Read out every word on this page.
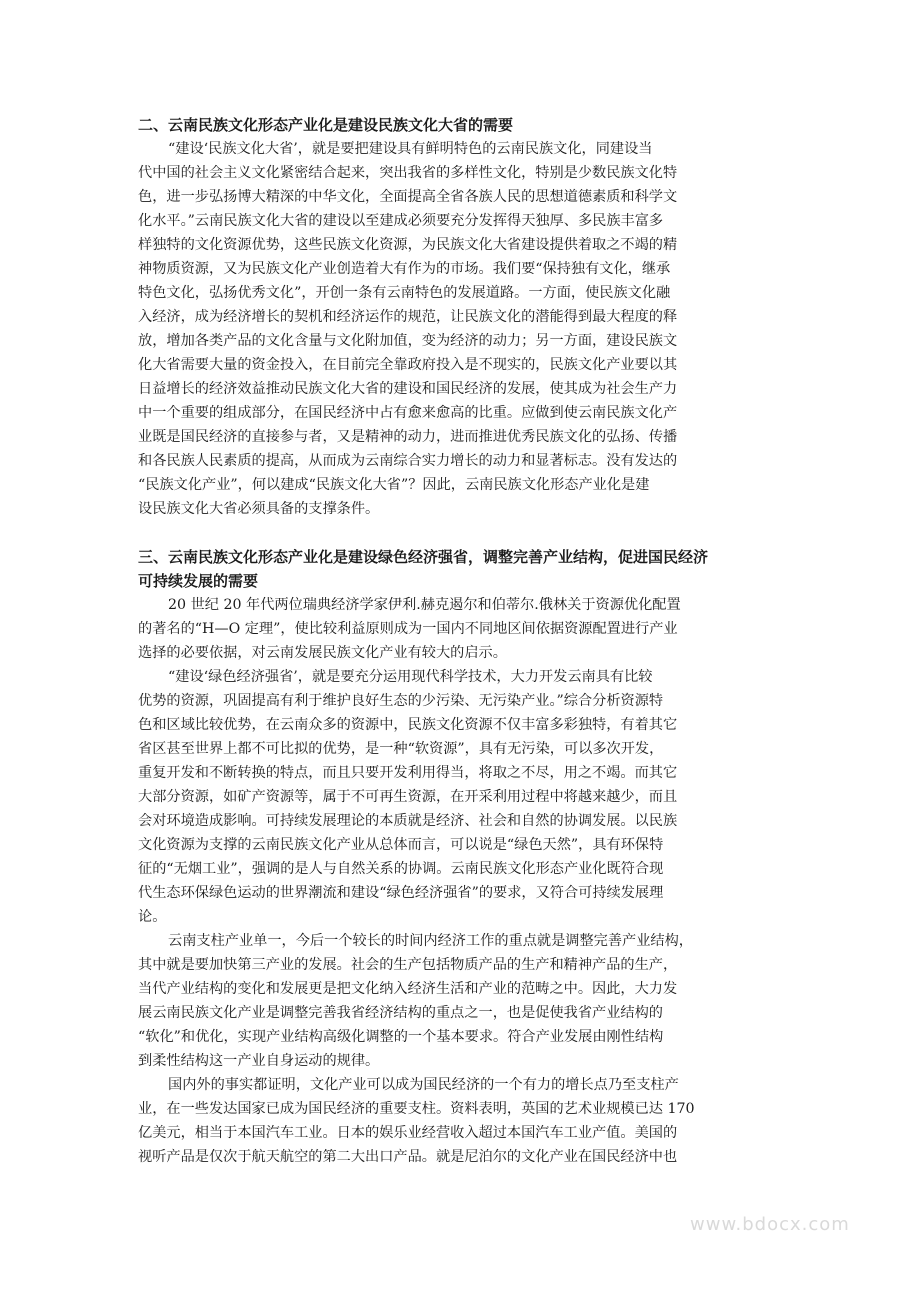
二、云南民族文化形态产业化是建设民族文化大省的需要
“建设‘民族文化大省’，就是要把建设具有鲜明特色的云南民族文化，同建设当
代中国的社会主义文化紧密结合起来，突出我省的多样性文化，特别是少数民族文化特
色，进一步弘扬博大精深的中华文化，全面提高全省各族人民的思想道德素质和科学文
化水平。”云南民族文化大省的建设以至建成必须要充分发挥得天独厚、多民族丰富多
样独特的文化资源优势，这些民族文化资源，为民族文化大省建设提供着取之不竭的精
神物质资源，又为民族文化产业创造着大有作为的市场。我们要“保持独有文化，继承
特色文化，弘扬优秀文化”，开创一条有云南特色的发展道路。一方面，使民族文化融
入经济，成为经济增长的契机和经济运作的规范，让民族文化的潜能得到最大程度的释
放，增加各类产品的文化含量与文化附加值，变为经济的动力；另一方面，建设民族文
化大省需要大量的资金投入，在目前完全靠政府投入是不现实的，民族文化产业要以其
日益增长的经济效益推动民族文化大省的建设和国民经济的发展，使其成为社会生产力
中一个重要的组成部分，在国民经济中占有愈来愈高的比重。应做到使云南民族文化产
业既是国民经济的直接参与者，又是精神的动力，进而推进优秀民族文化的弘扬、传播
和各民族人民素质的提高，从而成为云南综合实力增长的动力和显著标志。没有发达的
“民族文化产业”，何以建成“民族文化大省”？因此，云南民族文化形态产业化是建
设民族文化大省必须具备的支撑条件。
三、云南民族文化形态产业化是建设绿色经济强省，调整完善产业结构，促进国民经济
可持续发展的需要
20 世纪 20 年代两位瑞典经济学家伊利.赫克遏尔和伯蒂尔.俄林关于资源优化配置
的著名的“H—O 定理”，使比较利益原则成为一国内不同地区间依据资源配置进行产业
选择的必要依据，对云南发展民族文化产业有较大的启示。
“建设‘绿色经济强省’，就是要充分运用现代科学技术，大力开发云南具有比较
优势的资源，巩固提高有利于维护良好生态的少污染、无污染产业。”综合分析资源特
色和区域比较优势，在云南众多的资源中，民族文化资源不仅丰富多彩独特，有着其它
省区甚至世界上都不可比拟的优势，是一种“软资源”，具有无污染，可以多次开发，
重复开发和不断转换的特点，而且只要开发利用得当，将取之不尽，用之不竭。而其它
大部分资源，如矿产资源等，属于不可再生资源，在开采利用过程中将越来越少，而且
会对环境造成影响。可持续发展理论的本质就是经济、社会和自然的协调发展。以民族
文化资源为支撑的云南民族文化产业从总体而言，可以说是“绿色天然”，具有环保特
征的“无烟工业”，强调的是人与自然关系的协调。云南民族文化形态产业化既符合现
代生态环保绿色运动的世界潮流和建设“绿色经济强省”的要求，又符合可持续发展理
论。
云南支柱产业单一，今后一个较长的时间内经济工作的重点就是调整完善产业结构，
其中就是要加快第三产业的发展。社会的生产包括物质产品的生产和精神产品的生产，
当代产业结构的变化和发展更是把文化纳入经济生活和产业的范畴之中。因此，大力发
展云南民族文化产业是调整完善我省经济结构的重点之一，也是促使我省产业结构的
“软化”和优化，实现产业结构高级化调整的一个基本要求。符合产业发展由刚性结构
到柔性结构这一产业自身运动的规律。
国内外的事实都证明，文化产业可以成为国民经济的一个有力的增长点乃至支柱产
业，在一些发达国家已成为国民经济的重要支柱。资料表明，英国的艺术业规模已达 170
亿美元，相当于本国汽车工业。日本的娱乐业经营收入超过本国汽车工业产值。美国的
视听产品是仅次于航天航空的第二大出口产品。就是尼泊尔的文化产业在国民经济中也
www.bdocx.com
